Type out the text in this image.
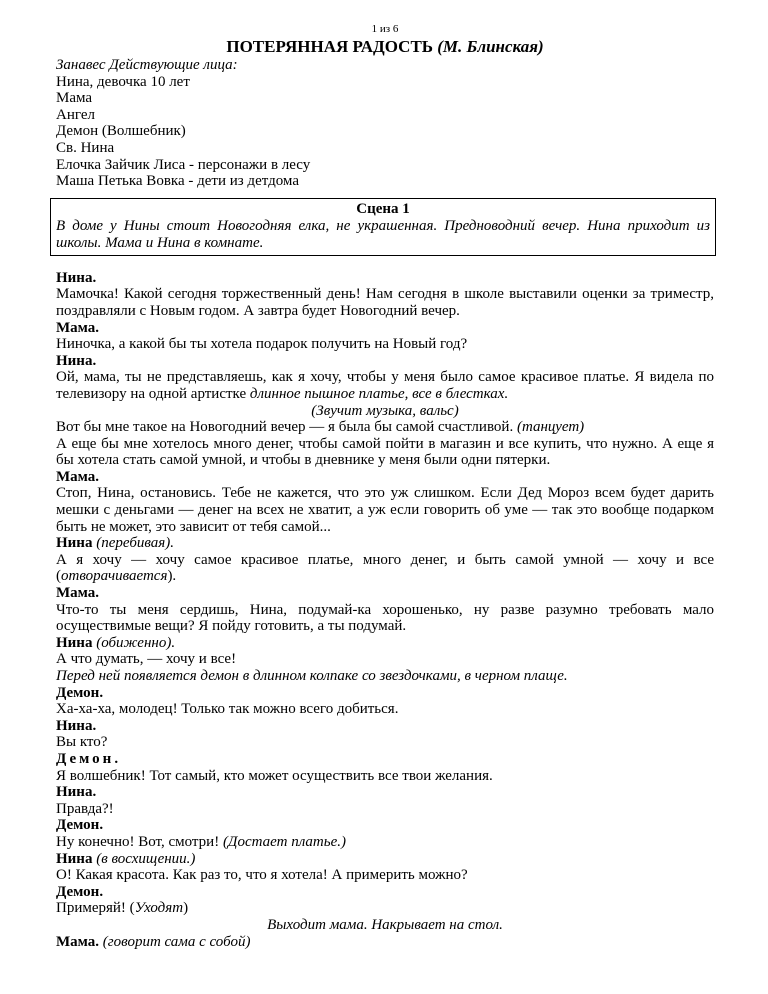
1 из 6
ПОТЕРЯННАЯ РАДОСТЬ (М. Блинская)
Занавес Действующие лица:
Нина, девочка 10 лет
Мама
Ангел
Демон (Волшебник)
Св. Нина
Елочка Зайчик Лиса - персонажи в лесу
Маша Петька Вовка - дети из детдома
Сцена 1
В доме у Нины стоит Новогодняя елка, не украшенная. Предноводний вечер. Нина приходит из школы. Мама и Нина в комнате.
Нина.
Мамочка! Какой сегодня торжественный день! Нам сегодня в школе выставили оценки за триместр, поздравляли с Новым годом. А завтра будет Новогодний вечер.
Мама.
Ниночка, а какой бы ты хотела подарок получить на Новый год?
Нина.
Ой, мама, ты не представляешь, как я хочу, чтобы у меня было самое красивое платье. Я видела по телевизору на одной артистке длинное пышное платье, все в блестках.
(Звучит музыка, вальс)
Вот бы мне такое на Новогодний вечер — я была бы самой счастливой. (танцует)
А еще бы мне хотелось много денег, чтобы самой пойти в магазин и все купить, что нужно. А еще я бы хотела стать самой умной, и чтобы в дневнике у меня были одни пятерки.
Мама.
Стоп, Нина, остановись. Тебе не кажется, что это уж слишком. Если Дед Мороз всем будет дарить мешки с деньгами — денег на всех не хватит, а уж если говорить об уме — так это вообще подарком быть не может, это зависит от тебя самой...
Нина (перебивая).
А я хочу — хочу самое красивое платье, много денег, и быть самой умной — хочу и все (отворачивается).
Мама.
Что-то ты меня сердишь, Нина, подумай-ка хорошенько, ну разве разумно требовать мало осуществимые вещи? Я пойду готовить, а ты подумай.
Нина (обиженно).
А что думать, — хочу и все!
Перед ней появляется демон в длинном колпаке со звездочками, в черном плаще.
Демон.
Ха-ха-ха, молодец! Только так можно всего добиться.
Нина.
Вы кто?
Демон.
Я волшебник! Тот самый, кто может осуществить все твои желания.
Нина.
Правда?!
Демон.
Ну конечно! Вот, смотри! (Достает платье.)
Нина (в восхищении.)
О! Какая красота. Как раз то, что я хотела! А примерить можно?
Демон.
Примеряй! (Уходят)
Выходит мама. Накрывает на стол.
Мама. (говорит сама с собой)
